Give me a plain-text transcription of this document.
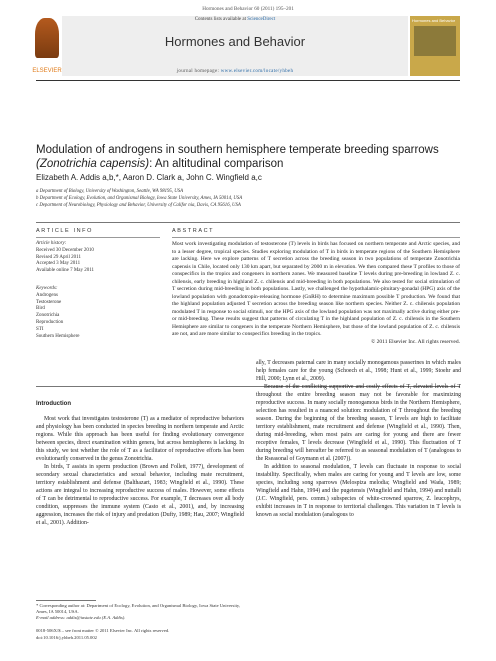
Hormones and Behavior 60 (2011) 195–201
ELSEVIER
Contents lists available at ScienceDirect
Hormones and Behavior
journal homepage: www.elsevier.com/locate/yhbeh
Hormones and Behavior
Modulation of androgens in southern hemisphere temperate breeding sparrows
(Zonotrichia capensis): An altitudinal comparison
Elizabeth A. Addis a,b,*, Aaron D. Clark a, John C. Wingfield a,c
a Department of Biology, University of Washington, Seattle, WA 98195, USA
b Department of Ecology, Evolution, and Organismal Biology, Iowa State University, Ames, IA 50014, USA
c Department of Neurobiology, Physiology and Behavior, University of Califor nia, Davis, CA 95616, USA
ARTICLE INFO	ABSTRACT
Article history:
Received 30 December 2010
Revised 29 April 2011
Accepted 3 May 2011
Available online 7 May 2011
Keywords:
Androgens
Testosterone
Bird
Zonotrichia
Reproduction
STI
Southern Hemisphere
Most work investigating modulation of testosterone (T) levels in birds has focused on northern temperate and Arctic species, and to a lesser degree, tropical species. Studies exploring modulation of T in birds in temperate regions of the Southern Hemisphere are lacking. Here we explore patterns of T secretion across the breeding season in two populations of temperate Zonotrichia capensis in Chile, located only 130 km apart, but separated by 2000 m in elevation. We then compared these T profiles to those of conspecifics in the tropics and congeners in northern zones. We measured baseline T levels during pre-breeding in lowland Z. c. chilensis, early breeding in highland Z. c. chilensis and mid-breeding in both populations. We also tested for social stimulation of T secretion during mid-breeding in both populations. Lastly, we challenged the hypothalamic-pituitary-gonadal (HPG) axis of the lowland population with gonadotropin-releasing hormone (GnRH) to determine maximum possible T production. We found that the highland population adjusted T secretion across the breeding season like northern species. Neither Z. c. chilensis population modulated T in response to social stimuli, nor the HPG axis of the lowland population was not maximally active during either pre- or mid-breeding. These results suggest that patterns of circulating T in the highland population of Z. c. chilensis in the Southern Hemisphere are similar to congeners in the temperate Northern Hemisphere, but those of the lowland population of Z. c. chilensis are not, and are more similar to conspecifics breeding in the tropics.
© 2011 Elsevier Inc. All rights reserved.
Introduction

Most work that investigates testosterone (T) as a mediator of reproductive behaviors and physiology has been conducted in species breeding in northern temperate and Arctic regions. While this approach has been useful for finding evolutionary convergence between species, direct examination within genera, but across hemispheres is lacking. In this study, we test whether the role of T as a facilitator of reproductive efforts has been evolutionarily conserved in the genus Zonotrichia.

In birds, T assists in sperm production (Brown and Follett, 1977), development of secondary sexual characteristics and sexual behavior, including mate recruitment, territory establishment and defense (Balthazart, 1983; Wingfield et al., 1990). These actions are integral to increasing reproductive success of males. However, some effects of T can be detrimental to reproductive success. For example, T decreases over all body condition, suppresses the immune system (Casto et al., 2001), and, by increasing aggression, increases the risk of injury and predation (Dufty, 1989; Hau, 2007; Wingfield et al., 2001). Addition-

ally, T decreases paternal care in many socially monogamous passerines in which males help females care for the young (Schoech et al., 1998; Hunt et al., 1999; Stoehr and Hill, 2000; Lynn et al., 2009).

Because of the conflicting supportive and costly effects of T, elevated levels of T throughout the entire breeding season may not be favorable for maximizing reproductive success. In many socially monogamous birds in the Northern Hemisphere, selection has resulted in a nuanced solution: modulation of T throughout the breeding season. During the beginning of the breeding season, T levels are high to facilitate territory establishment, mate recruitment and defense (Wingfield et al., 1990). Then, during mid-breeding, when most pairs are caring for young and there are fewer receptive females, T levels decrease (Wingfield et al., 1990). This fluctuation of T during breeding will hereafter be referred to as seasonal modulation of T (analogous to the Rseasonal of Goymann et al. (2007)).

In addition to seasonal modulation, T levels can fluctuate in response to social instability. Specifically, when males are caring for young and T levels are low, some species, including song sparrows (Melospiza melodia; Wingfield and Wada, 1989; Wingfield and Hahn, 1994) and the pugetensis (Wingfield and Hahn, 1994) and nuttalli (J.C. Wingfield, pers. comm.) subspecies of white-crowned sparrow, Z. leucophrys, exhibit increases in T in response to territorial challenges. This variation in T levels is known as social modulation (analogous to

* Corresponding author at: Department of Ecology, Evolution, and Organismal Biology, Iowa State University, Ames, IA 50014, USA.
E-mail address: addis@iastate.edu (E.A. Addis).
0018-506X/$ – see front matter © 2011 Elsevier Inc. All rights reserved.
doi:10.1016/j.yhbeh.2011.05.002
